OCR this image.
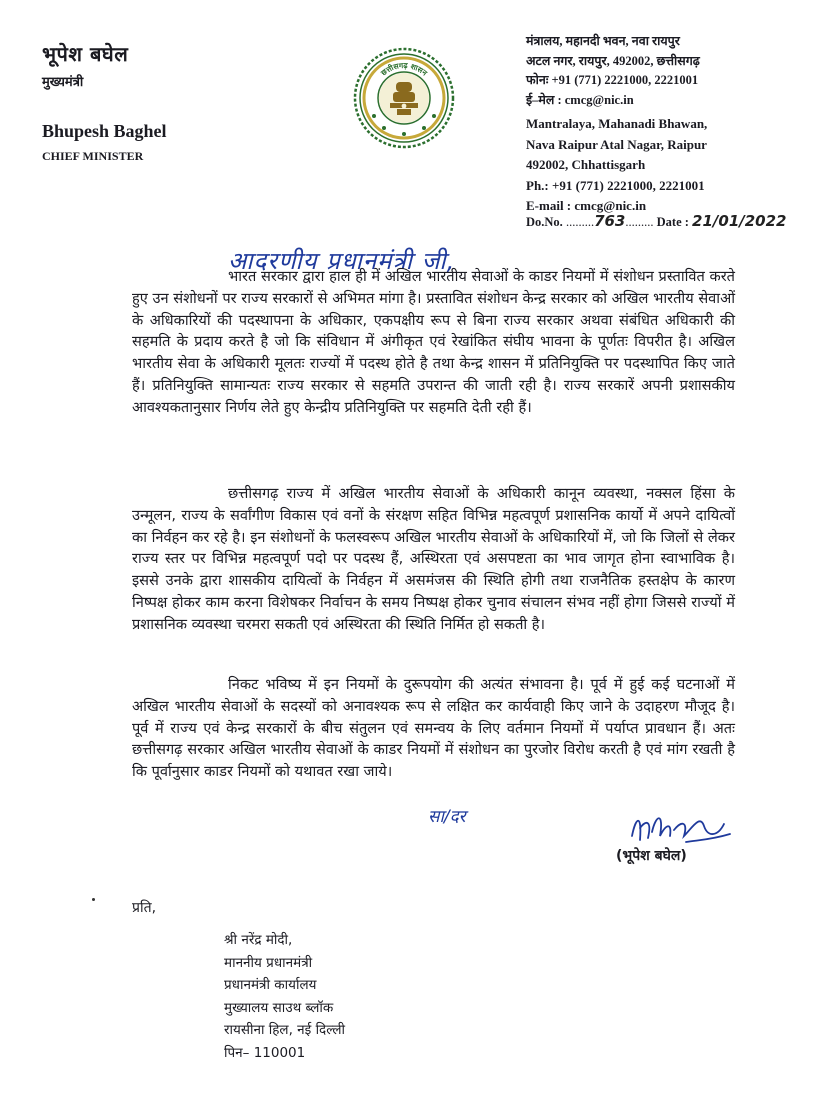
भूपेश बघेल
मुख्यमंत्री
Bhupesh Baghel
CHIEF MINISTER
छत्तीसगढ़ शासन
मंत्रालय, महानदी भवन, नवा रायपुर
अटल नगर, रायपुर, 492002, छत्तीसगढ़
फोनः +91 (771) 2221000, 2221001
ई–मेल : cmcg@nic.in
Mantralaya, Mahanadi Bhawan,
Nava Raipur Atal Nagar, Raipur
492002, Chhattisgarh
Ph.: +91 (771) 2221000, 2221001
E-mail : cmcg@nic.in
Do.No. .........763......... Date : 21/01/2022
आदरणीय प्रधानमंत्री जी,
भारत सरकार द्वारा हाल ही में अखिल भारतीय सेवाओं के काडर नियमों में संशोधन प्रस्तावित करते हुए उन संशोधनों पर राज्य सरकारों से अभिमत मांगा है। प्रस्तावित संशोधन केन्द्र सरकार को अखिल भारतीय सेवाओं के अधिकारियों की पदस्थापना के अधिकार, एकपक्षीय रूप से बिना राज्य सरकार अथवा संबंधित अधिकारी की सहमति के प्रदाय करते है जो कि संविधान में अंगीकृत एवं रेखांकित संघीय भावना के पूर्णतः विपरीत है। अखिल भारतीय सेवा के अधिकारी मूलतः राज्यों में पदस्थ होते है तथा केन्द्र शासन में प्रतिनियुक्ति पर पदस्थापित किए जाते हैं। प्रतिनियुक्ति सामान्यतः राज्य सरकार से सहमति उपरान्त की जाती रही है। राज्य सरकारें अपनी प्रशासकीय आवश्यकतानुसार निर्णय लेते हुए केन्द्रीय प्रतिनियुक्ति पर सहमति देती रही हैं।
छत्तीसगढ़ राज्य में अखिल भारतीय सेवाओं के अधिकारी कानून व्यवस्था, नक्सल हिंसा के उन्मूलन, राज्य के सर्वांगीण विकास एवं वनों के संरक्षण सहित विभिन्न महत्वपूर्ण प्रशासनिक कार्यो में अपने दायित्वों का निर्वहन कर रहे है। इन संशोधनों के फलस्वरूप अखिल भारतीय सेवाओं के अधिकारियों में, जो कि जिलों से लेकर राज्य स्तर पर विभिन्न महत्वपूर्ण पदो पर पदस्थ हैं, अस्थिरता एवं असपष्टता का भाव जागृत होना स्वाभाविक है। इससे उनके द्वारा शासकीय दायित्वों के निर्वहन में असमंजस की स्थिति होगी तथा राजनैतिक हस्तक्षेप के कारण निष्पक्ष होकर काम करना विशेषकर निर्वाचन के समय निष्पक्ष होकर चुनाव संचालन संभव नहीं होगा जिससे राज्यों में प्रशासनिक व्यवस्था चरमरा सकती एवं अस्थिरता की स्थिति निर्मित हो सकती है।
निकट भविष्य में इन नियमों के दुरूपयोग की अत्यंत संभावना है। पूर्व में हुई कई घटनाओं में अखिल भारतीय सेवाओं के सदस्यों को अनावश्यक रूप से लक्षित कर कार्यवाही किए जाने के उदाहरण मौजूद है। पूर्व में राज्य एवं केन्द्र सरकारों के बीच संतुलन एवं समन्वय के लिए वर्तमान नियमों में पर्याप्त प्रावधान हैं। अतः छत्तीसगढ़ सरकार अखिल भारतीय सेवाओं के काडर नियमों में संशोधन का पुरजोर विरोध करती है एवं मांग रखती है कि पूर्वानुसार काडर नियमों को यथावत रखा जाये।
सा/दर
(भूपेश बघेल)
प्रति,
श्री नरेंद्र मोदी,
माननीय प्रधानमंत्री
प्रधानमंत्री कार्यालय
मुख्यालय साउथ ब्लॉक
रायसीना हिल, नई दिल्ली
पिन– 110001
